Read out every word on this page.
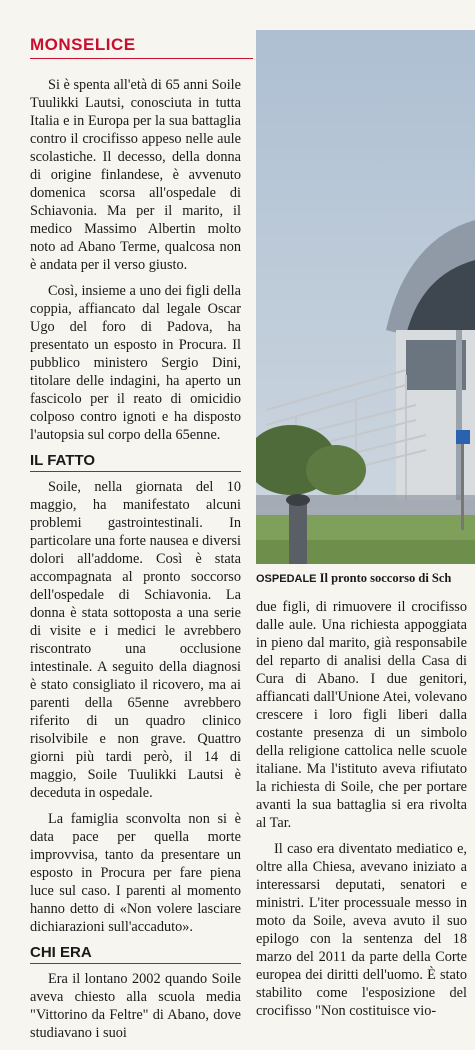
MONSELICE

Si è spenta all'età di 65 anni Soile Tuulikki Lautsi, conosciuta in tutta Italia e in Europa per la sua battaglia contro il crocifisso appeso nelle aule scolastiche. Il decesso, della donna di origine finlandese, è avvenuto domenica scorsa all'ospedale di Schiavonia. Ma per il marito, il medico Massimo Albertin molto noto ad Abano Terme, qualcosa non è andata per il verso giusto.

Così, insieme a uno dei figli della coppia, affiancato dal legale Oscar Ugo del foro di Padova, ha presentato un esposto in Procura. Il pubblico ministero Sergio Dini, titolare delle indagini, ha aperto un fascicolo per il reato di omicidio colposo contro ignoti e ha disposto l'autopsia sul corpo della 65enne.

IL FATTO

Soile, nella giornata del 10 maggio, ha manifestato alcuni problemi gastrointestinali. In particolare una forte nausea e diversi dolori all'addome. Così è stata accompagnata al pronto soccorso dell'ospedale di Schiavonia. La donna è stata sottoposta a una serie di visite e i medici le avrebbero riscontrato una occlusione intestinale. A seguito della diagnosi è stato consigliato il ricovero, ma ai parenti della 65enne avrebbero riferito di un quadro clinico risolvibile e non grave. Quattro giorni più tardi però, il 14 di maggio, Soile Tuulikki Lautsi è deceduta in ospedale.

La famiglia sconvolta non si è data pace per quella morte improvvisa, tanto da presentare un esposto in Procura per fare piena luce sul caso. I parenti al momento hanno detto di «Non volere lasciare dichiarazioni sull'accaduto».

CHI ERA

Era il lontano 2002 quando Soile aveva chiesto alla scuola media "Vittorino da Feltre" di Abano, dove studiavano i suoi

OSPEDALE Il pronto soccorso di Sch

due figli, di rimuovere il crocifisso dalle aule. Una richiesta appoggiata in pieno dal marito, già responsabile del reparto di analisi della Casa di Cura di Abano. I due genitori, affiancati dall'Unione Atei, volevano crescere i loro figli liberi dalla costante presenza di un simbolo della religione cattolica nelle scuole italiane. Ma l'istituto aveva rifiutato la richiesta di Soile, che per portare avanti la sua battaglia si era rivolta al Tar.

Il caso era diventato mediatico e, oltre alla Chiesa, avevano iniziato a interessarsi deputati, senatori e ministri. L'iter processuale messo in moto da Soile, aveva avuto il suo epilogo con la sentenza del 18 marzo del 2011 da parte della Corte europea dei diritti dell'uomo. È stato stabilito come l'esposizione del crocifisso "Non costituisce vio-
